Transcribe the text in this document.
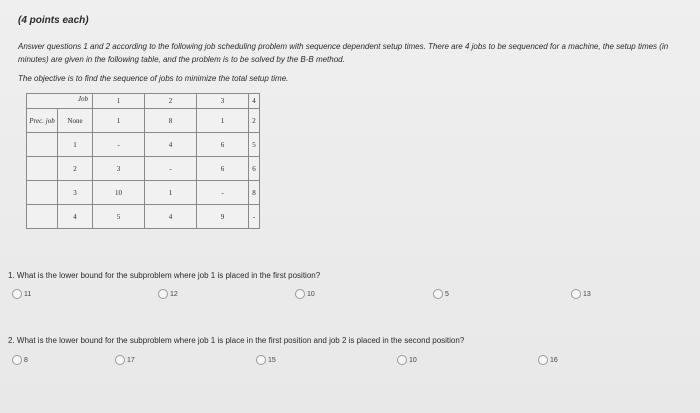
(4 points each)
Answer questions 1 and 2 according to the following job scheduling problem with sequence dependent setup times. There are 4 jobs to be sequenced for a machine, the setup times (in minutes) are given in the following table, and the problem is to be solved by the B-B method.
The objective is to find the sequence of jobs to minimize the total setup time.
Job		1	2	3	4
Prec. job	None	1	8	1	2
	1	-	4	6	5
	2	3	-	6	6
	3	10	1	-	8
	4	5	4	9	-
1. What is the lower bound for the subproblem where job 1 is placed in the first position?
11	12	10	5	13
2. What is the lower bound for the subproblem where job 1 is place in the first position and job 2 is placed in the second position?
8	17	15	10	16
